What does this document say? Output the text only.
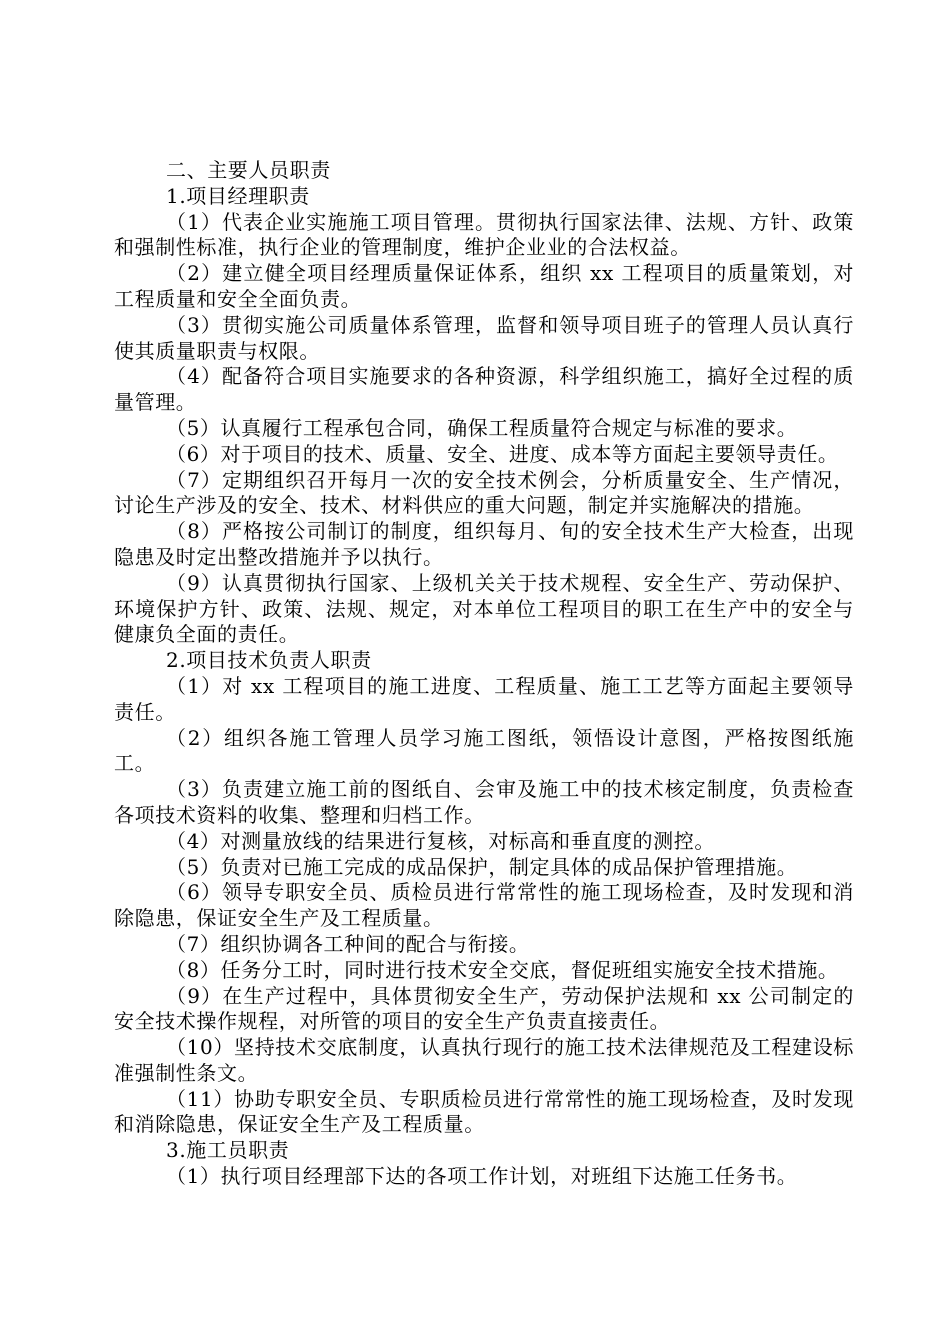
二、主要人员职责

1.项目经理职责

（1）代表企业实施施工项目管理。贯彻执行国家法律、法规、方针、政策和强制性标准，执行企业的管理制度，维护企业业的合法权益。

（2）建立健全项目经理质量保证体系，组织 xx 工程项目的质量策划，对工程质量和安全全面负责。

（3）贯彻实施公司质量体系管理，监督和领导项目班子的管理人员认真行使其质量职责与权限。

（4）配备符合项目实施要求的各种资源，科学组织施工，搞好全过程的质量管理。

（5）认真履行工程承包合同，确保工程质量符合规定与标准的要求。

（6）对于项目的技术、质量、安全、进度、成本等方面起主要领导责任。

（7）定期组织召开每月一次的安全技术例会，分析质量安全、生产情况，讨论生产涉及的安全、技术、材料供应的重大问题，制定并实施解决的措施。

（8）严格按公司制订的制度，组织每月、旬的安全技术生产大检查，出现隐患及时定出整改措施并予以执行。

（9）认真贯彻执行国家、上级机关关于技术规程、安全生产、劳动保护、环境保护方针、政策、法规、规定，对本单位工程项目的职工在生产中的安全与健康负全面的责任。

2.项目技术负责人职责

（1）对 xx 工程项目的施工进度、工程质量、施工工艺等方面起主要领导责任。

（2）组织各施工管理人员学习施工图纸，领悟设计意图，严格按图纸施工。

（3）负责建立施工前的图纸自、会审及施工中的技术核定制度，负责检查各项技术资料的收集、整理和归档工作。

（4）对测量放线的结果进行复核，对标高和垂直度的测控。

（5）负责对已施工完成的成品保护，制定具体的成品保护管理措施。

（6）领导专职安全员、质检员进行常常性的施工现场检查，及时发现和消除隐患，保证安全生产及工程质量。

（7）组织协调各工种间的配合与衔接。

（8）任务分工时，同时进行技术安全交底，督促班组实施安全技术措施。

（9）在生产过程中，具体贯彻安全生产，劳动保护法规和 xx 公司制定的安全技术操作规程，对所管的项目的安全生产负责直接责任。

（10）坚持技术交底制度，认真执行现行的施工技术法律规范及工程建设标准强制性条文。

（11）协助专职安全员、专职质检员进行常常性的施工现场检查，及时发现和消除隐患，保证安全生产及工程质量。

3.施工员职责

（1）执行项目经理部下达的各项工作计划，对班组下达施工任务书。
